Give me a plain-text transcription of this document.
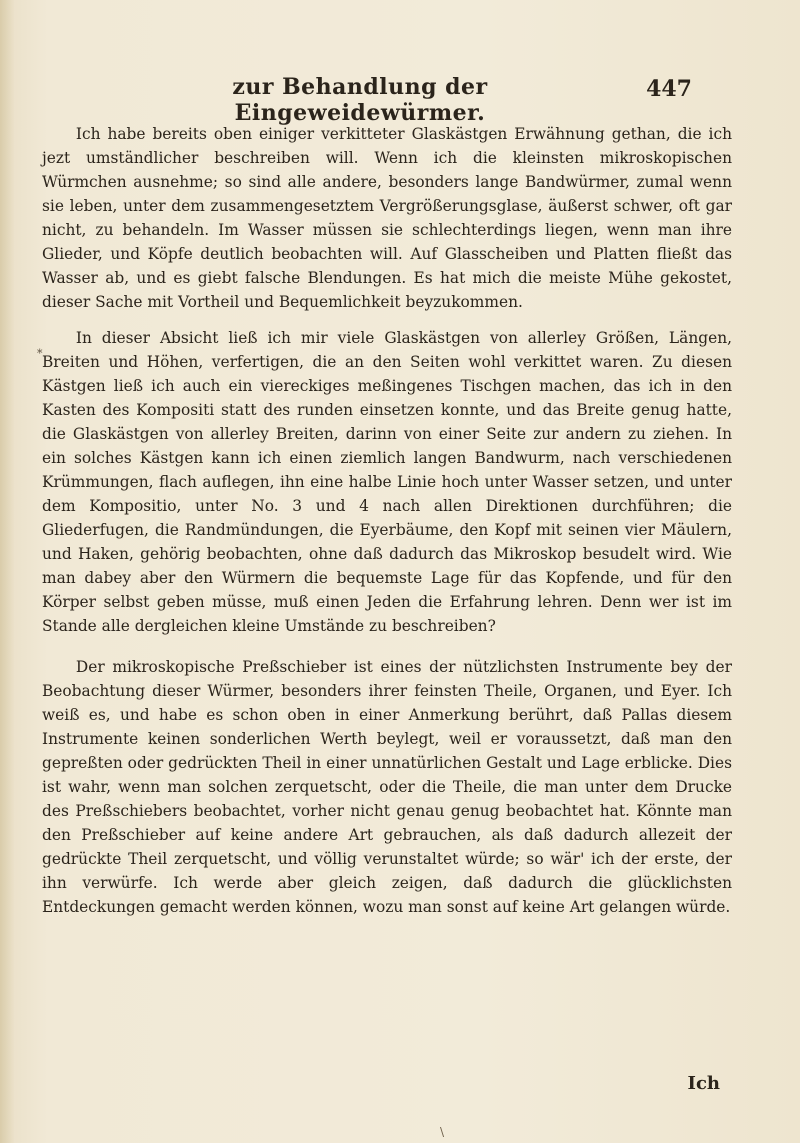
zur Behandlung der Eingeweidewürmer.
447
*

Ich habe bereits oben einiger verkitteter Glaskästgen Erwähnung gethan, die ich jezt umständlicher beschreiben will. Wenn ich die kleinsten mikroskopischen Würmchen ausnehme; so sind alle andere, besonders lange Bandwürmer, zumal wenn sie leben, unter dem zusammengesetztem Vergrößerungsglase, äußerst schwer, oft gar nicht, zu behandeln. Im Wasser müssen sie schlechterdings liegen, wenn man ihre Glieder, und Köpfe deutlich beobachten will. Auf Glasscheiben und Platten fließt das Wasser ab, und es giebt falsche Blendungen. Es hat mich die meiste Mühe gekostet, dieser Sache mit Vortheil und Bequemlichkeit beyzukommen.

In dieser Absicht ließ ich mir viele Glaskästgen von allerley Größen, Längen, Breiten und Höhen, verfertigen, die an den Seiten wohl verkittet waren. Zu diesen Kästgen ließ ich auch ein viereckiges meßingenes Tischgen machen, das ich in den Kasten des Kompositi statt des runden einsetzen konnte, und das Breite genug hatte, die Glaskästgen von allerley Breiten, darinn von einer Seite zur andern zu ziehen. In ein solches Kästgen kann ich einen ziemlich langen Bandwurm, nach verschiedenen Krümmungen, flach auflegen, ihn eine halbe Linie hoch unter Wasser setzen, und unter dem Kompositio, unter No. 3 und 4 nach allen Direktionen durchführen; die Gliederfugen, die Randmündungen, die Eyerbäume, den Kopf mit seinen vier Mäulern, und Haken, gehörig beobachten, ohne daß dadurch das Mikroskop besudelt wird. Wie man dabey aber den Würmern die bequemste Lage für das Kopfende, und für den Körper selbst geben müsse, muß einen Jeden die Erfahrung lehren. Denn wer ist im Stande alle dergleichen kleine Umstände zu beschreiben?

Der mikroskopische Preßschieber ist eines der nützlichsten Instrumente bey der Beobachtung dieser Würmer, besonders ihrer feinsten Theile, Organen, und Eyer. Ich weiß es, und habe es schon oben in einer Anmerkung berührt, daß Pallas diesem Instrumente keinen sonderlichen Werth beylegt, weil er voraussetzt, daß man den gepreßten oder gedrückten Theil in einer unnatürlichen Gestalt und Lage erblicke. Dies ist wahr, wenn man solchen zerquetscht, oder die Theile, die man unter dem Drucke des Preßschiebers beobachtet, vorher nicht genau genug beobachtet hat. Könnte man den Preßschieber auf keine andere Art gebrauchen, als daß dadurch allezeit der gedrückte Theil zerquetscht, und völlig verunstaltet würde; so wär' ich der erste, der ihn verwürfe. Ich werde aber gleich zeigen, daß dadurch die glücklichsten Entdeckungen gemacht werden können, wozu man sonst auf keine Art gelangen würde.

Ich
\
